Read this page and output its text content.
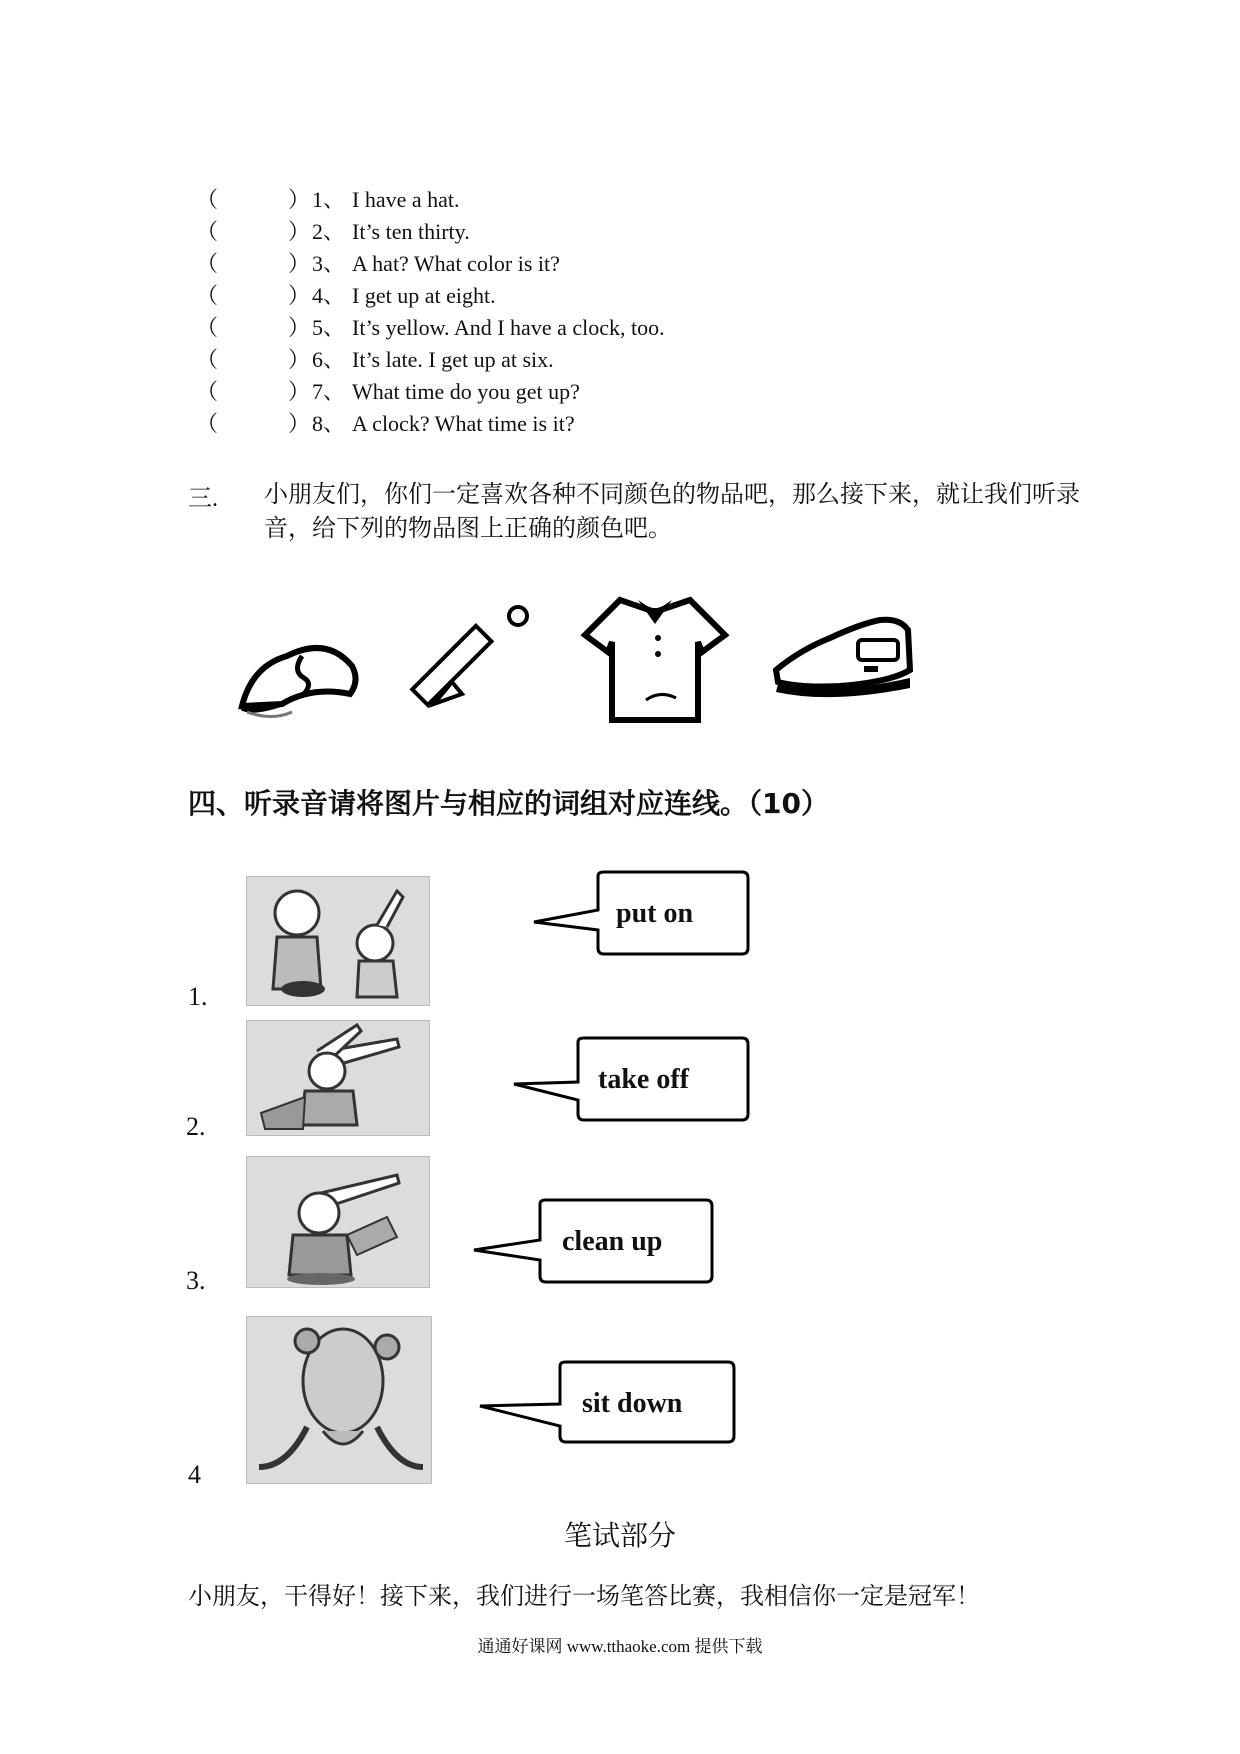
（	） 1、 I have a hat.
（	） 2、 It’s ten thirty.
（	） 3、 A hat? What color is it?
（	） 4、 I get up at eight.
（	） 5、 It’s yellow. And I have a clock, too.
（	） 6、 It’s late. I get up at six.
（	） 7、 What time do you get up?
（	） 8、 A clock? What time is it?
三. 小朋友们，你们一定喜欢各种不同颜色的物品吧，那么接下来，就让我们听录音，给下列的物品图上正确的颜色吧。
四、听录音请将图片与相应的词组对应连线。（10）
1.
put on
2.
take off
3.
clean up
4
sit down
笔试部分
小朋友，干得好！接下来，我们进行一场笔答比赛，我相信你一定是冠军！
通通好课网 www.tthaoke.com 提供下载
